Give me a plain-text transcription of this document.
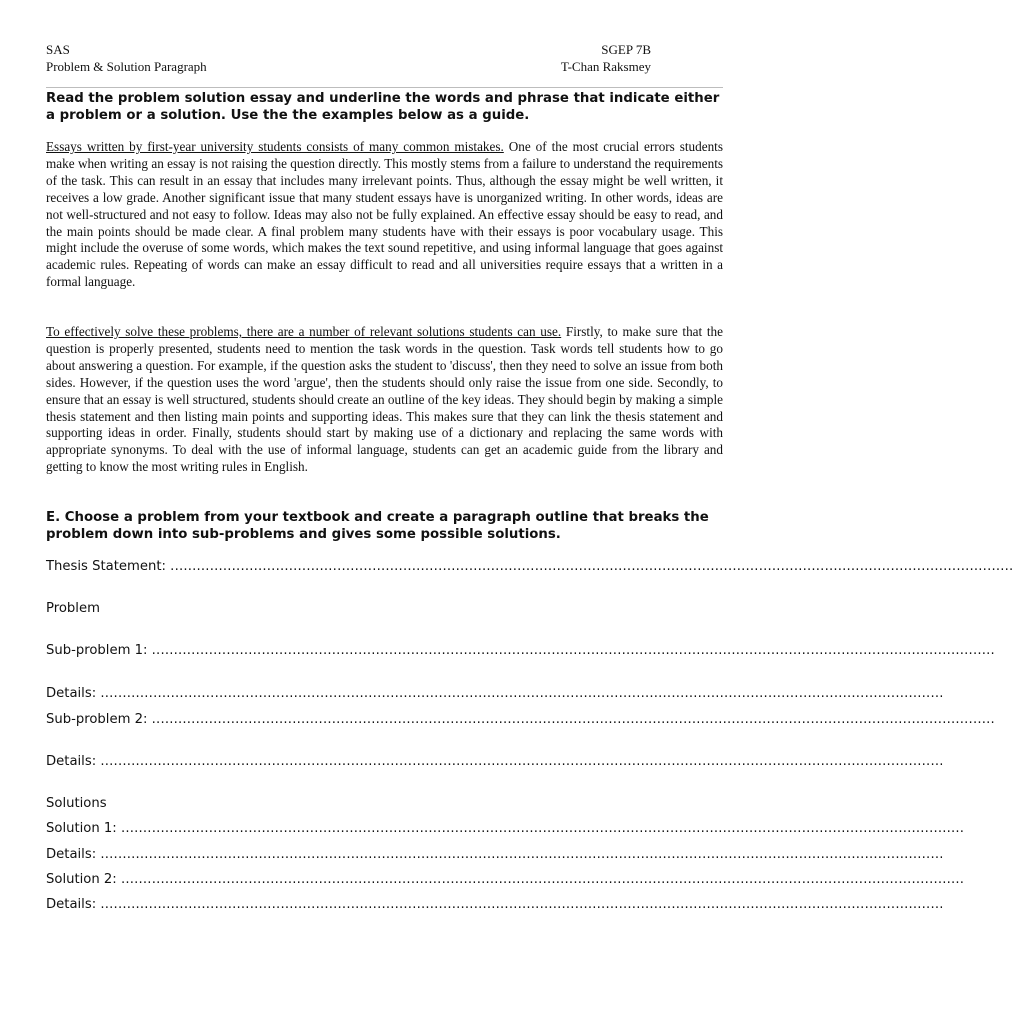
SAS	SGEP 7B
Problem & Solution Paragraph	T-Chan Raksmey
Read the problem solution essay and underline the words and phrase that indicate either a problem or a solution. Use the the examples below as a guide.
Essays written by first-year university students consists of many common mistakes. One of the most crucial errors students make when writing an essay is not raising the question directly. This mostly stems from a failure to understand the requirements of the task. This can result in an essay that includes many irrelevant points. Thus, although the essay might be well written, it receives a low grade. Another significant issue that many student essays have is unorganized writing. In other words, ideas are not well-structured and not easy to follow. Ideas may also not be fully explained. An effective essay should be easy to read, and the main points should be made clear. A final problem many students have with their essays is poor vocabulary usage. This might include the overuse of some words, which makes the text sound repetitive, and using informal language that goes against academic rules. Repeating of words can make an essay difficult to read and all universities require essays that a written in a formal language.
To effectively solve these problems, there are a number of relevant solutions students can use. Firstly, to make sure that the question is properly presented, students need to mention the task words in the question. Task words tell students how to go about answering a question. For example, if the question asks the student to 'discuss', then they need to solve an issue from both sides. However, if the question uses the word 'argue', then the students should only raise the issue from one side. Secondly, to ensure that an essay is well structured, students should create an outline of the key ideas. They should begin by making a simple thesis statement and then listing main points and supporting ideas. This makes sure that they can link the thesis statement and supporting ideas in order. Finally, students should start by making use of a dictionary and replacing the same words with appropriate synonyms. To deal with the use of informal language, students can get an academic guide from the library and getting to know the most writing rules in English.
E. Choose a problem from your textbook and create a paragraph outline that breaks the problem down into sub-problems and gives some possible solutions.
Thesis Statement: ................................................................................................................................................................................................
Problem
Sub-problem 1: ................................................................................................................................................................................................
Details: ................................................................................................................................................................................................
Sub-problem 2: ................................................................................................................................................................................................
Details: ................................................................................................................................................................................................
Solutions
Solution 1: ................................................................................................................................................................................................
Details: ................................................................................................................................................................................................
Solution 2: ................................................................................................................................................................................................
Details: ................................................................................................................................................................................................
